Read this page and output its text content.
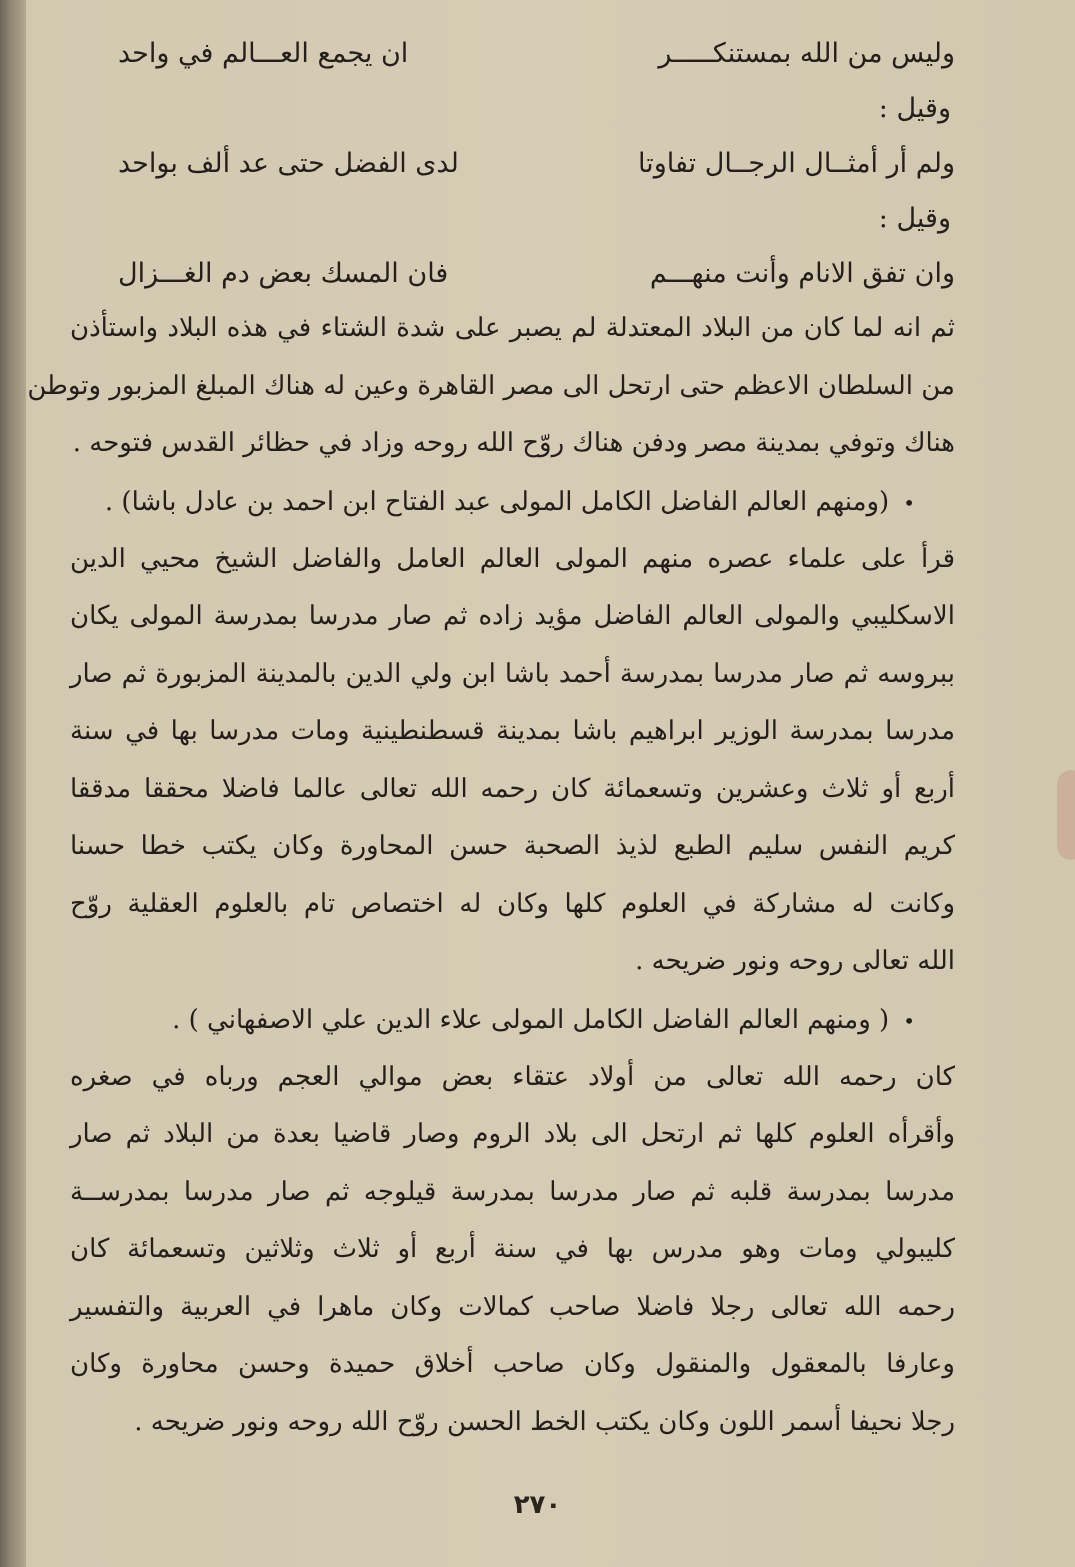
وليس من الله بمستنكـــــر
ان يجمع العـــالم في واحد
وقيل :
ولم أر أمثــال الرجــال تفاوتا
لدى الفضل حتى عد ألف بواحد
وقيل :
وان تفق الانام وأنت منهـــم
فان المسك بعض دم الغـــزال
ثم انه لما كان من البلاد المعتدلة لم يصبر على شدة الشتاء في هذه البلاد واستأذن
من السلطان الاعظم حتى ارتحل الى مصر القاهرة وعين له هناك المبلغ المزبور وتوطن
هناك وتوفي بمدينة مصر ودفن هناك روّح الله روحه وزاد في حظائر القدس فتوحه .
•(ومنهم العالم الفاضل الكامل المولى عبد الفتاح ابن احمد بن عادل باشا) .
قرأ على علماء عصره منهم المولى العالم العامل والفاضل الشيخ محيي الدين
الاسكليبي والمولى العالم الفاضل مؤيد زاده ثم صار مدرسا بمدرسة المولى يكان
ببروسه ثم صار مدرسا بمدرسة أحمد باشا ابن ولي الدين بالمدينة المزبورة ثم صار
مدرسا بمدرسة الوزير ابراهيم باشا بمدينة قسطنطينية ومات مدرسا بها في سنة
أربع أو ثلاث وعشرين وتسعمائة كان رحمه الله تعالى عالما فاضلا محققا مدققا
كريم النفس سليم الطبع لذيذ الصحبة حسن المحاورة وكان يكتب خطا حسنا
وكانت له مشاركة في العلوم كلها وكان له اختصاص تام بالعلوم العقلية روّح
الله تعالى روحه ونور ضريحه .
•( ومنهم العالم الفاضل الكامل المولى علاء الدين علي الاصفهاني ) .
كان رحمه الله تعالى من أولاد عتقاء بعض موالي العجم ورباه في صغره
وأقرأه العلوم كلها ثم ارتحل الى بلاد الروم وصار قاضيا بعدة من البلاد ثم صار
مدرسا بمدرسة قلبه ثم صار مدرسا بمدرسة قيلوجه ثم صار مدرسا بمدرســة
كليبولي ومات وهو مدرس بها في سنة أربع أو ثلاث وثلاثين وتسعمائة كان
رحمه الله تعالى رجلا فاضلا صاحب كمالات وكان ماهرا في العربية والتفسير
وعارفا بالمعقول والمنقول وكان صاحب أخلاق حميدة وحسن محاورة وكان
رجلا نحيفا أسمر اللون وكان يكتب الخط الحسن روّح الله روحه ونور ضريحه .
٢٧٠
